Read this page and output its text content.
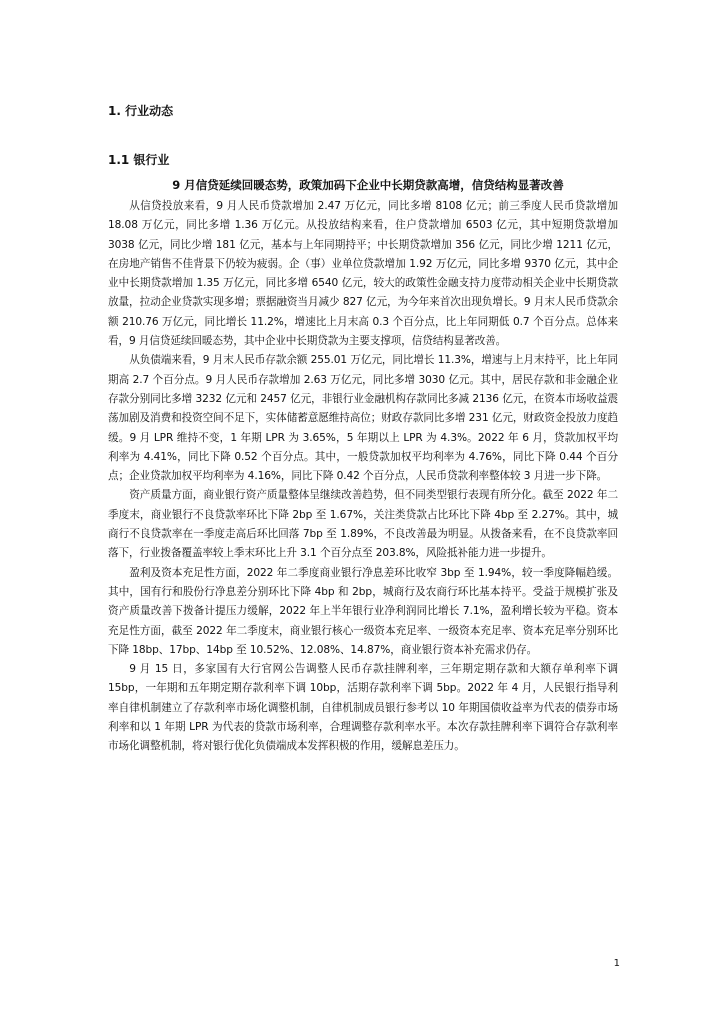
1. 行业动态
1.1 银行业

9 月信贷延续回暖态势，政策加码下企业中长期贷款高增，信贷结构显著改善

从信贷投放来看，9 月人民币贷款增加 2.47 万亿元，同比多增 8108 亿元；前三季度人民币贷款增加 18.08 万亿元，同比多增 1.36 万亿元。从投放结构来看，住户贷款增加 6503 亿元，其中短期贷款增加 3038 亿元，同比少增 181 亿元，基本与上年同期持平；中长期贷款增加 356 亿元，同比少增 1211 亿元，在房地产销售不佳背景下仍较为疲弱。企（事）业单位贷款增加 1.92 万亿元，同比多增 9370 亿元，其中企业中长期贷款增加 1.35 万亿元，同比多增 6540 亿元，较大的政策性金融支持力度带动相关企业中长期贷款放量，拉动企业贷款实现多增；票据融资当月减少 827 亿元，为今年来首次出现负增长。9 月末人民币贷款余额 210.76 万亿元，同比增长 11.2%，增速比上月末高 0.3 个百分点，比上年同期低 0.7 个百分点。总体来看，9 月信贷延续回暖态势，其中企业中长期贷款为主要支撑项，信贷结构显著改善。

从负债端来看，9 月末人民币存款余额 255.01 万亿元，同比增长 11.3%，增速与上月末持平，比上年同期高 2.7 个百分点。9 月人民币存款增加 2.63 万亿元，同比多增 3030 亿元。其中，居民存款和非金融企业存款分别同比多增 3232 亿元和 2457 亿元，非银行业金融机构存款同比多减 2136 亿元，在资本市场收益震荡加剧及消费和投资空间不足下，实体储蓄意愿维持高位；财政存款同比多增 231 亿元，财政资金投放力度趋缓。9 月 LPR 维持不变，1 年期 LPR 为 3.65%，5 年期以上 LPR 为 4.3%。2022 年 6 月，贷款加权平均利率为 4.41%，同比下降 0.52 个百分点。其中，一般贷款加权平均利率为 4.76%，同比下降 0.44 个百分点；企业贷款加权平均利率为 4.16%，同比下降 0.42 个百分点，人民币贷款利率整体较 3 月进一步下降。

资产质量方面，商业银行资产质量整体呈继续改善趋势，但不同类型银行表现有所分化。截至 2022 年二季度末，商业银行不良贷款率环比下降 2bp 至 1.67%，关注类贷款占比环比下降 4bp 至 2.27%。其中，城商行不良贷款率在一季度走高后环比回落 7bp 至 1.89%，不良改善最为明显。从拨备来看，在不良贷款率回落下，行业拨备覆盖率较上季末环比上升 3.1 个百分点至 203.8%，风险抵补能力进一步提升。

盈利及资本充足性方面，2022 年二季度商业银行净息差环比收窄 3bp 至 1.94%，较一季度降幅趋缓。其中，国有行和股份行净息差分别环比下降 4bp 和 2bp，城商行及农商行环比基本持平。受益于规模扩张及资产质量改善下拨备计提压力缓解，2022 年上半年银行业净利润同比增长 7.1%，盈利增长较为平稳。资本充足性方面，截至 2022 年二季度末，商业银行核心一级资本充足率、一级资本充足率、资本充足率分别环比下降 18bp、17bp、14bp 至 10.52%、12.08%、14.87%，商业银行资本补充需求仍存。

9 月 15 日，多家国有大行官网公告调整人民币存款挂牌利率，三年期定期存款和大额存单利率下调 15bp，一年期和五年期定期存款利率下调 10bp，活期存款利率下调 5bp。2022 年 4 月，人民银行指导利率自律机制建立了存款利率市场化调整机制，自律机制成员银行参考以 10 年期国债收益率为代表的债券市场利率和以 1 年期 LPR 为代表的贷款市场利率，合理调整存款利率水平。本次存款挂牌利率下调符合存款利率市场化调整机制，将对银行优化负债端成本发挥积极的作用，缓解息差压力。

1
